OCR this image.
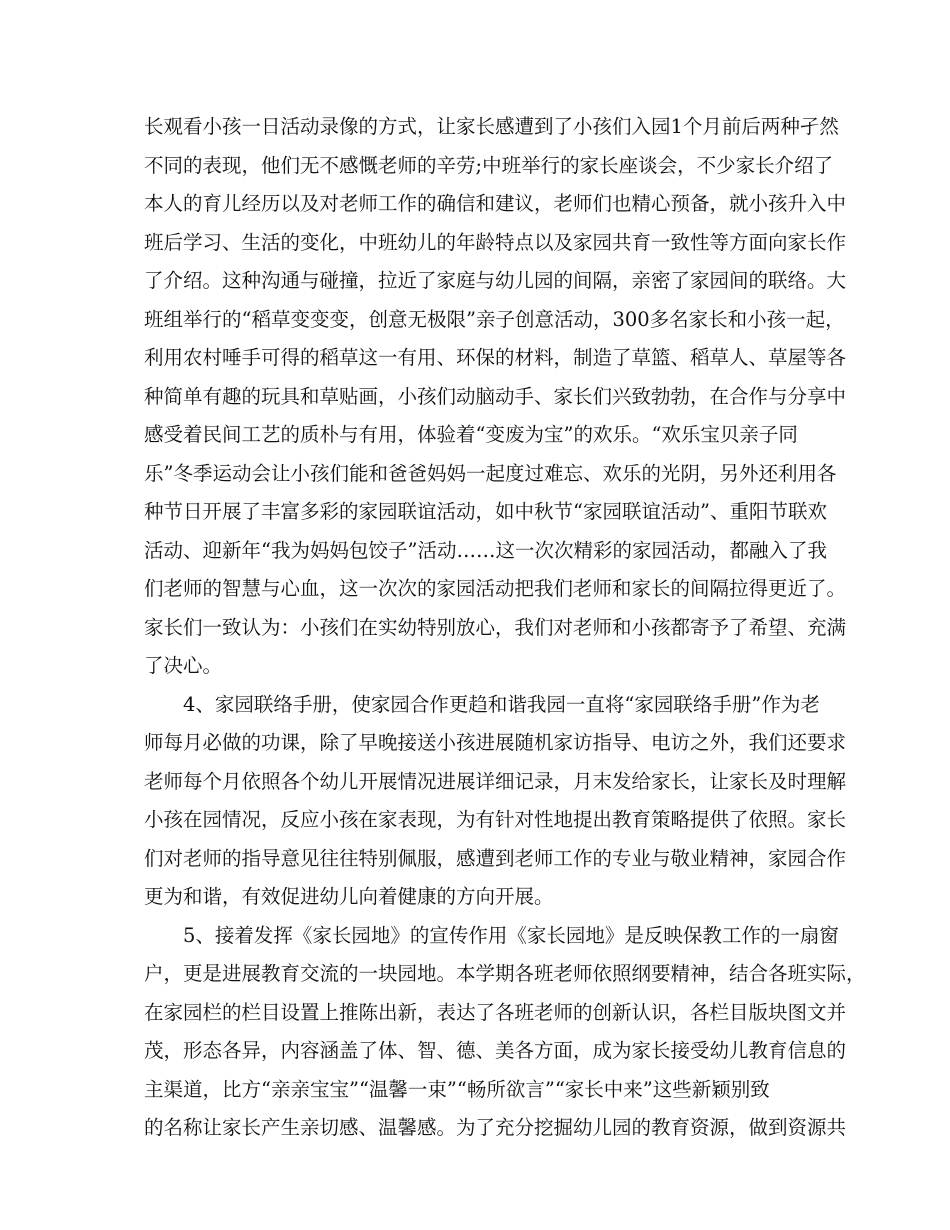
长观看小孩一日活动录像的方式，让家长感遭到了小孩们入园1个月前后两种孑然
不同的表现，他们无不感慨老师的辛劳;中班举行的家长座谈会，不少家长介绍了
本人的育儿经历以及对老师工作的确信和建议，老师们也精心预备，就小孩升入中
班后学习、生活的变化，中班幼儿的年龄特点以及家园共育一致性等方面向家长作
了介绍。这种沟通与碰撞，拉近了家庭与幼儿园的间隔，亲密了家园间的联络。大
班组举行的“稻草变变变，创意无极限”亲子创意活动，300多名家长和小孩一起，
利用农村唾手可得的稻草这一有用、环保的材料，制造了草篮、稻草人、草屋等各
种简单有趣的玩具和草贴画，小孩们动脑动手、家长们兴致勃勃，在合作与分享中
感受着民间工艺的质朴与有用，体验着“变废为宝”的欢乐。“欢乐宝贝亲子同
乐”冬季运动会让小孩们能和爸爸妈妈一起度过难忘、欢乐的光阴，另外还利用各
种节日开展了丰富多彩的家园联谊活动，如中秋节“家园联谊活动”、重阳节联欢
活动、迎新年“我为妈妈包饺子”活动……这一次次精彩的家园活动，都融入了我
们老师的智慧与心血，这一次次的家园活动把我们老师和家长的间隔拉得更近了。
家长们一致认为：小孩们在实幼特别放心，我们对老师和小孩都寄予了希望、充满
了决心。
4、家园联络手册，使家园合作更趋和谐我园一直将“家园联络手册”作为老
师每月必做的功课，除了早晚接送小孩进展随机家访指导、电访之外，我们还要求
老师每个月依照各个幼儿开展情况进展详细记录，月末发给家长，让家长及时理解
小孩在园情况，反应小孩在家表现，为有针对性地提出教育策略提供了依照。家长
们对老师的指导意见往往特别佩服，感遭到老师工作的专业与敬业精神，家园合作
更为和谐，有效促进幼儿向着健康的方向开展。
5、接着发挥《家长园地》的宣传作用《家长园地》是反映保教工作的一扇窗
户，更是进展教育交流的一块园地。本学期各班老师依照纲要精神，结合各班实际，
在家园栏的栏目设置上推陈出新，表达了各班老师的创新认识，各栏目版块图文并
茂，形态各异，内容涵盖了体、智、德、美各方面，成为家长接受幼儿教育信息的
主渠道，比方“亲亲宝宝”“温馨一束”“畅所欲言”“家长中来”这些新颖别致
的名称让家长产生亲切感、温馨感。为了充分挖掘幼儿园的教育资源，做到资源共
